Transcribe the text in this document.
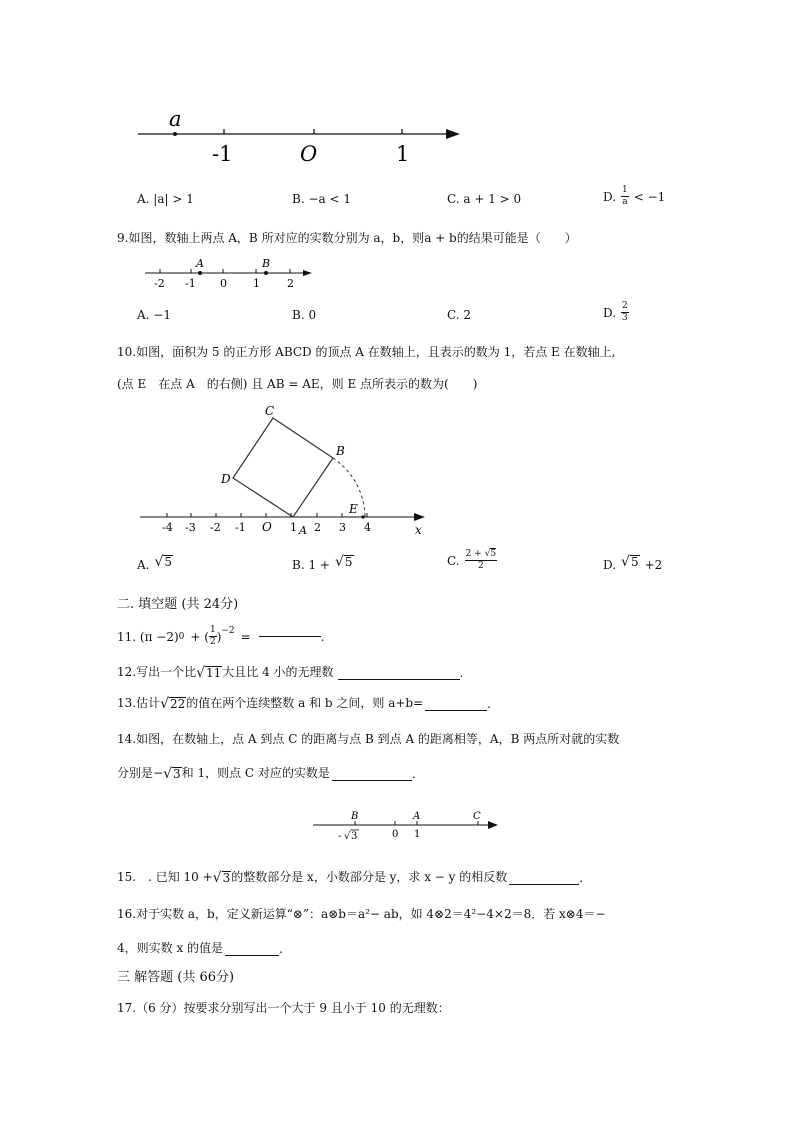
a
-1	O	1
A. |a| > 1	B. −a < 1	C. a + 1 > 0	D. $\frac{1}{a} < -1$
9.如图，数轴上两点 A，B 所对应的实数分别为 a，b，则a + b的结果可能是（　　）
A	B
-2 -1 0 1 2
A. −1	B. 0	C. 2	D. $\frac{2}{3}$
10.如图，面积为 5 的正方形 ABCD 的顶点 A 在数轴上，且表示的数为 1，若点 E 在数轴上,
(点 E　在点 A　的右侧) 且 AB = AE，则 E 点所表示的数为(　　)
C
B
D
E
-4 -3 -2 -1 O 1 A 2 3 4	x
A. √ 5	B. 1 + √ 5	C. $\frac{2 + √5}{2}$	D. √ 5 +2
二. 填空题 (共 24分)
11. (π −2) 0 + ( $\frac{1}{2} )^{-2}$ =	.
12.写出一个比 √ 11 大且比 4 小的无理数	.
13.估计 √ 22 的值在两个连续整数 a 和 b 之间，则 a+b=	.
14.如图，在数轴上，点 A 到点 C 的距离与点 B 到点 A 的距离相等，A，B 两点所对就的实数
分别是− √ 3 和 1，则点 C 对应的实数是	.
B	A	C
- √ 3	0 1
15.　. 已知 10 + √ 3 的整数部分是 x，小数部分是 y，求 x − y 的相反数	.
16.对于实数 a，b，定义新运算“⊗”：a⊗b＝a²− ab，如 4⊗2＝4²−4×2＝8．若 x⊗4＝−
4，则实数 x 的值是	.
三 解答题 (共 66分)
17.（6 分）按要求分别写出一个大于 9 且小于 10 的无理数：
